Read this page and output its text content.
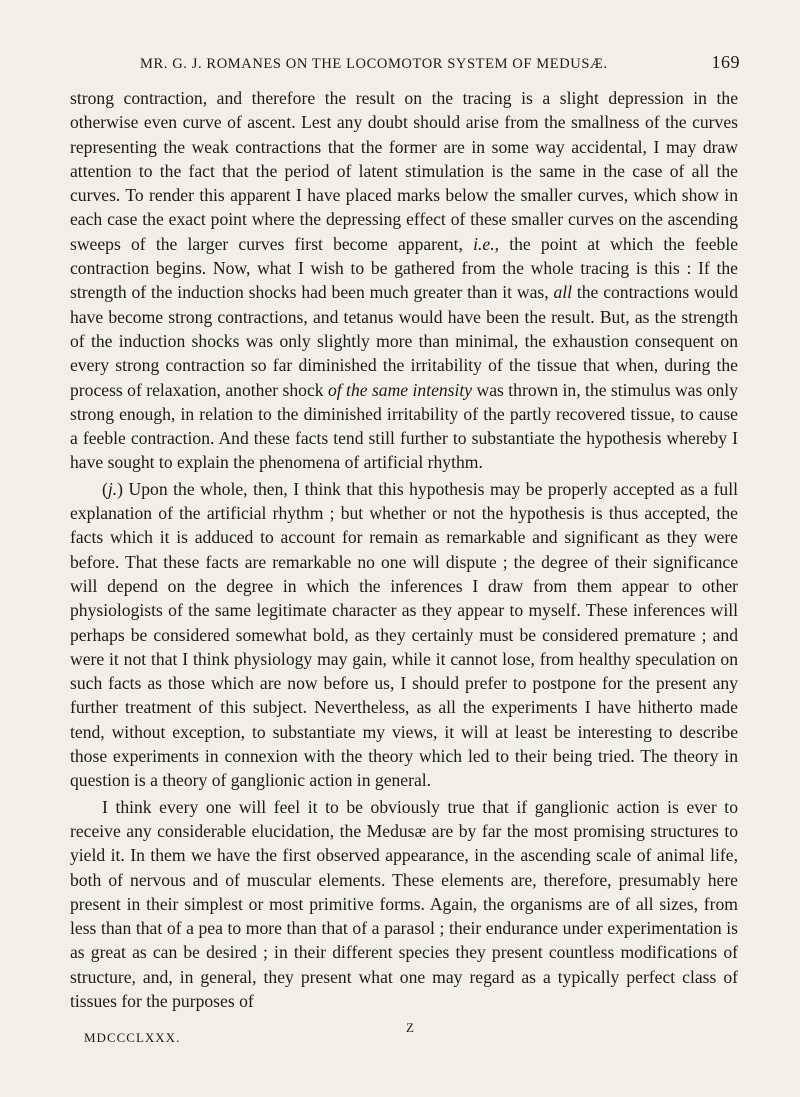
MR. G. J. ROMANES ON THE LOCOMOTOR SYSTEM OF MEDUSÆ.	169

strong contraction, and therefore the result on the tracing is a slight depression in the otherwise even curve of ascent. Lest any doubt should arise from the smallness of the curves representing the weak contractions that the former are in some way accidental, I may draw attention to the fact that the period of latent stimulation is the same in the case of all the curves. To render this apparent I have placed marks below the smaller curves, which show in each case the exact point where the depressing effect of these smaller curves on the ascending sweeps of the larger curves first become apparent, i.e., the point at which the feeble contraction begins. Now, what I wish to be gathered from the whole tracing is this : If the strength of the induction shocks had been much greater than it was, all the contractions would have become strong contractions, and tetanus would have been the result. But, as the strength of the induction shocks was only slightly more than minimal, the exhaustion consequent on every strong contraction so far diminished the irritability of the tissue that when, during the process of relaxation, another shock of the same intensity was thrown in, the stimulus was only strong enough, in relation to the diminished irritability of the partly recovered tissue, to cause a feeble contraction. And these facts tend still further to substantiate the hypothesis whereby I have sought to explain the phenomena of artificial rhythm.

(j.) Upon the whole, then, I think that this hypothesis may be properly accepted as a full explanation of the artificial rhythm ; but whether or not the hypothesis is thus accepted, the facts which it is adduced to account for remain as remarkable and significant as they were before. That these facts are remarkable no one will dispute ; the degree of their significance will depend on the degree in which the inferences I draw from them appear to other physiologists of the same legitimate character as they appear to myself. These inferences will perhaps be considered somewhat bold, as they certainly must be considered premature ; and were it not that I think physiology may gain, while it cannot lose, from healthy speculation on such facts as those which are now before us, I should prefer to postpone for the present any further treatment of this subject. Nevertheless, as all the experiments I have hitherto made tend, without exception, to substantiate my views, it will at least be interesting to describe those experiments in connexion with the theory which led to their being tried. The theory in question is a theory of ganglionic action in general.

I think every one will feel it to be obviously true that if ganglionic action is ever to receive any considerable elucidation, the Medusæ are by far the most promising structures to yield it. In them we have the first observed appearance, in the ascending scale of animal life, both of nervous and of muscular elements. These elements are, therefore, presumably here present in their simplest or most primitive forms. Again, the organisms are of all sizes, from less than that of a pea to more than that of a parasol ; their endurance under experimentation is as great as can be desired ; in their different species they present countless modifications of structure, and, in general, they present what one may regard as a typically perfect class of tissues for the purposes of

MDCCCLXXX.
Z
